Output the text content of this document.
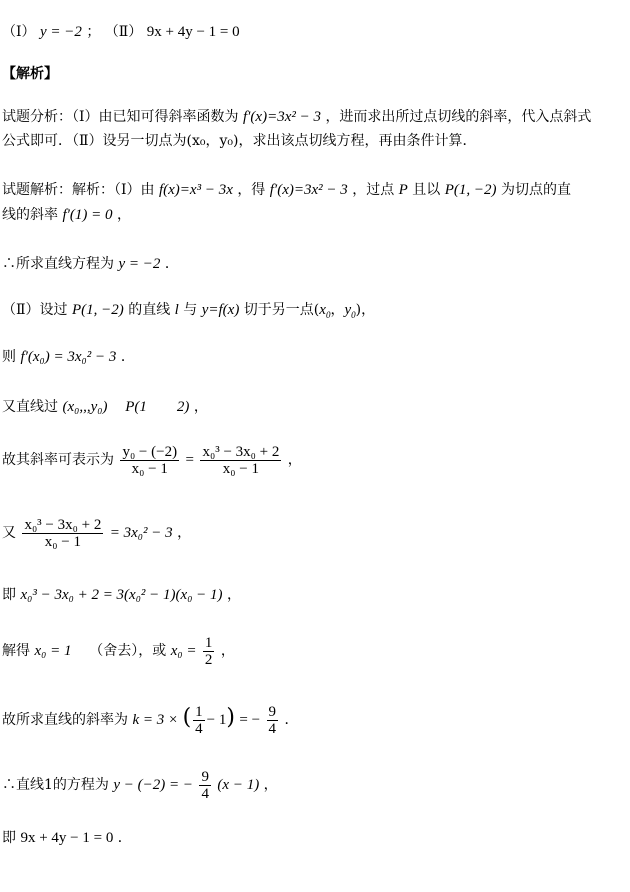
（Ⅰ） y = −2 ； （Ⅱ） 9x + 4y − 1 = 0
【解析】
试题分析：（Ⅰ）由已知可得斜率函数为 f′(x)=3x² − 3 ，进而求出所过点切线的斜率，代入点斜式
公式即可．（Ⅱ）设另一切点为(x₀，y₀)，求出该点切线方程，再由条件计算．
试题解析：解析：（Ⅰ）由 f(x)=x³ − 3x ，得 f′(x)=3x² − 3 ，过点 P 且以 P(1, −2) 为切点的直
线的斜率 f′(1) = 0 ，
∴所求直线方程为 y = −2 ．
（Ⅱ）设过 P(1, −2) 的直线 l 与 y=f(x) 切于另一点($x_0$，$y_0$)，
则 f′(x₀) = 3x₀² − 3 ．
又直线过 (x₀,,,y₀) P(1　　2) ，
故其斜率可表示为 $\frac{\text{y₀ − (−2)}}{\text{x₀ − 1}} = \frac{\text{x₀³ − 3x₀ + 2}}{\text{x₀ − 1}}$ ，
又 $\frac{\text{x₀³ − 3x₀ + 2}}{\text{x₀ − 1}} = 3x_0^2 - 3$ ，
即 x₀³ − 3x₀ + 2 = 3(x₀² − 1)(x₀ − 1) ，
解得 x₀ = 1 （舍去），或 $x_0 = \frac{1}{2}$ ，
故所求直线的斜率为 k = 3 × ( $\frac{1}{4} - 1$) = − $\frac{9}{4}$ ．
∴直线1的方程为 y − (−2) = − $\frac{9}{4} (x - 1)$ ，
即 9x + 4y − 1 = 0 ．
